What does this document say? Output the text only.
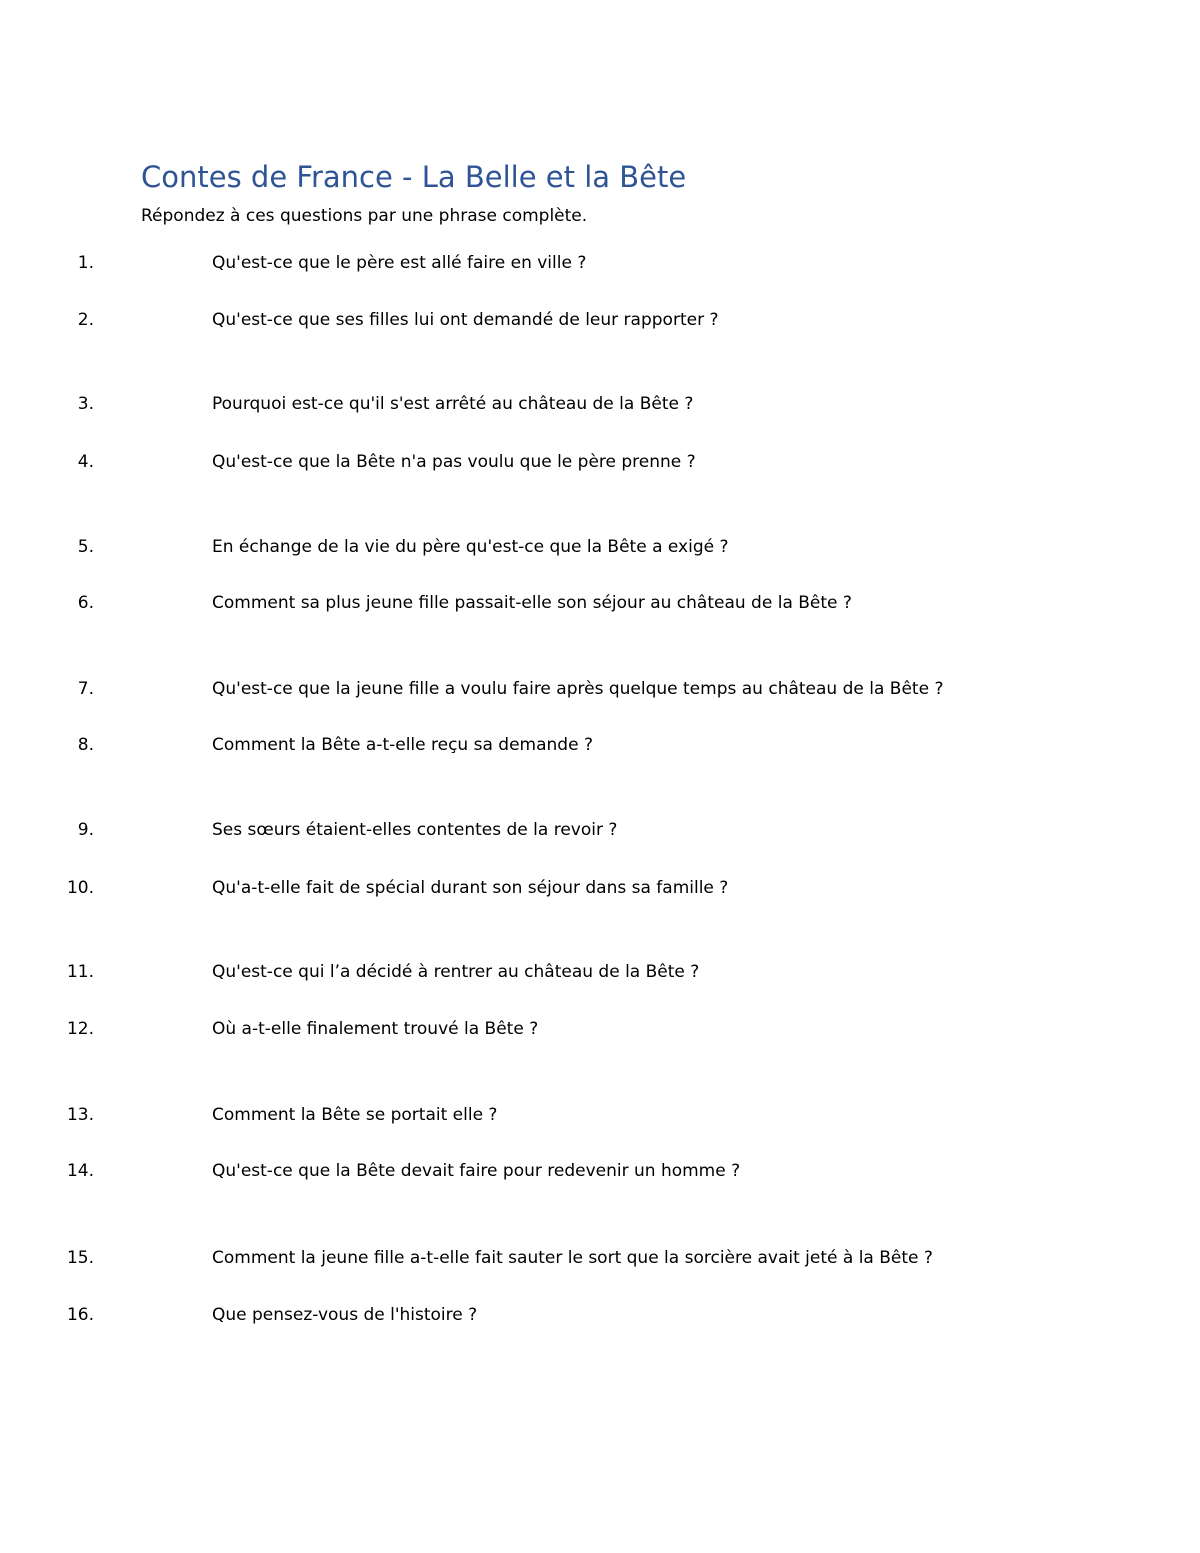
Contes de France - La Belle et la Bête

Répondez à ces questions par une phrase complète.

1.	Qu'est-ce que le père est allé faire en ville ?
2.	Qu'est-ce que ses filles lui ont demandé de leur rapporter ?
3.	Pourquoi est-ce qu'il s'est arrêté au château de la Bête ?
4.	Qu'est-ce que la Bête n'a pas voulu que le père prenne ?
5.	En échange de la vie du père qu'est-ce que la Bête a exigé ?
6.	Comment sa plus jeune fille passait-elle son séjour au château de la Bête ?
7.	Qu'est-ce que la jeune fille a voulu faire après quelque temps au château de la Bête ?
8.	Comment la Bête a-t-elle reçu sa demande ?
9.	Ses sœurs étaient-elles contentes de la revoir ?
10.	Qu'a-t-elle fait de spécial durant son séjour dans sa famille ?
11.	Qu'est-ce qui l’a décidé à rentrer au château de la Bête ?
12.	Où a-t-elle finalement trouvé la Bête ?
13.	Comment la Bête se portait elle ?
14.	Qu'est-ce que la Bête devait faire pour redevenir un homme ?
15.	Comment la jeune fille a-t-elle fait sauter le sort que la sorcière avait jeté à la Bête ?
16.	Que pensez-vous de l'histoire ?
